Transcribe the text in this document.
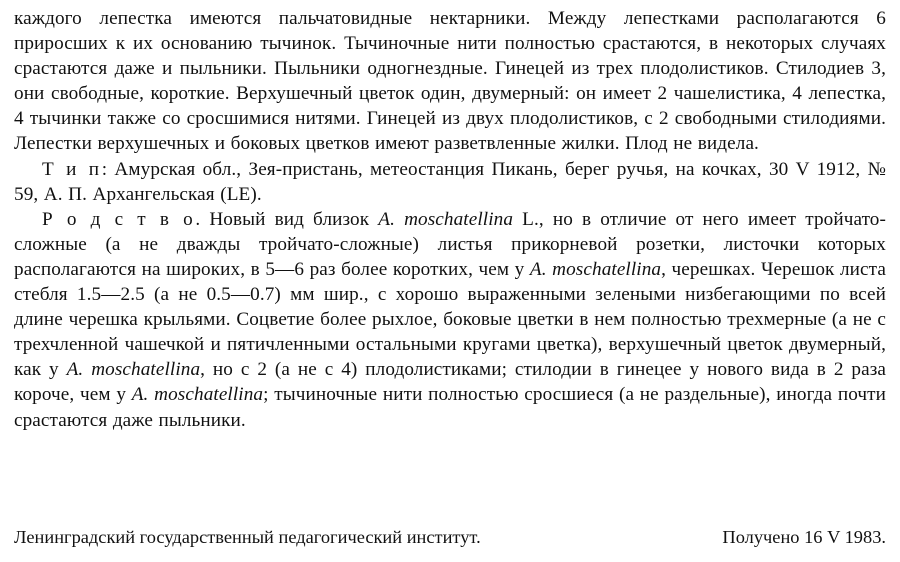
каждого лепестка имеются пальчатовидные нектарники. Между лепестками располагаются 6 приросших к их основанию тычинок. Тычиночные нити полностью срастаются, в некоторых случаях срастаются даже и пыльники. Пыльники одногнездные. Гинецей из трех плодолистиков. Стилодиев 3, они свободные, короткие. Верхушечный цветок один, двумерный: он имеет 2 чашелистика, 4 лепестка, 4 тычинки также со сросшимися нитями. Гинецей из двух плодолистиков, с 2 свободными стилодиями. Лепестки верхушечных и боковых цветков имеют разветвленные жилки. Плод не видела.

Т и п: Амурская обл., Зея-пристань, метеостанция Пикань, берег ручья, на кочках, 30 V 1912, № 59, А. П. Архангельская (LE).

Р о д с т в о. Новый вид близок A. moschatellina L., но в отличие от него имеет тройчато-сложные (а не дважды тройчато-сложные) листья прикорневой розетки, листочки которых располагаются на широких, в 5—6 раз более коротких, чем у A. moschatellina, черешках. Черешок листа стебля 1.5—2.5 (а не 0.5—0.7) мм шир., с хорошо выраженными зелеными низбегающими по всей длине черешка крыльями. Соцветие более рыхлое, боковые цветки в нем полностью трехмерные (а не с трехчленной чашечкой и пятичленными остальными кругами цветка), верхушечный цветок двумерный, как у A. moschatellina, но с 2 (а не с 4) плодолистиками; стилодии в гинецее у нового вида в 2 раза короче, чем у A. moschatellina; тычиночные нити полностью сросшиеся (а не раздельные), иногда почти срастаются даже пыльники.

Ленинградский государственный педагогический институт.	Получено 16 V 1983.
